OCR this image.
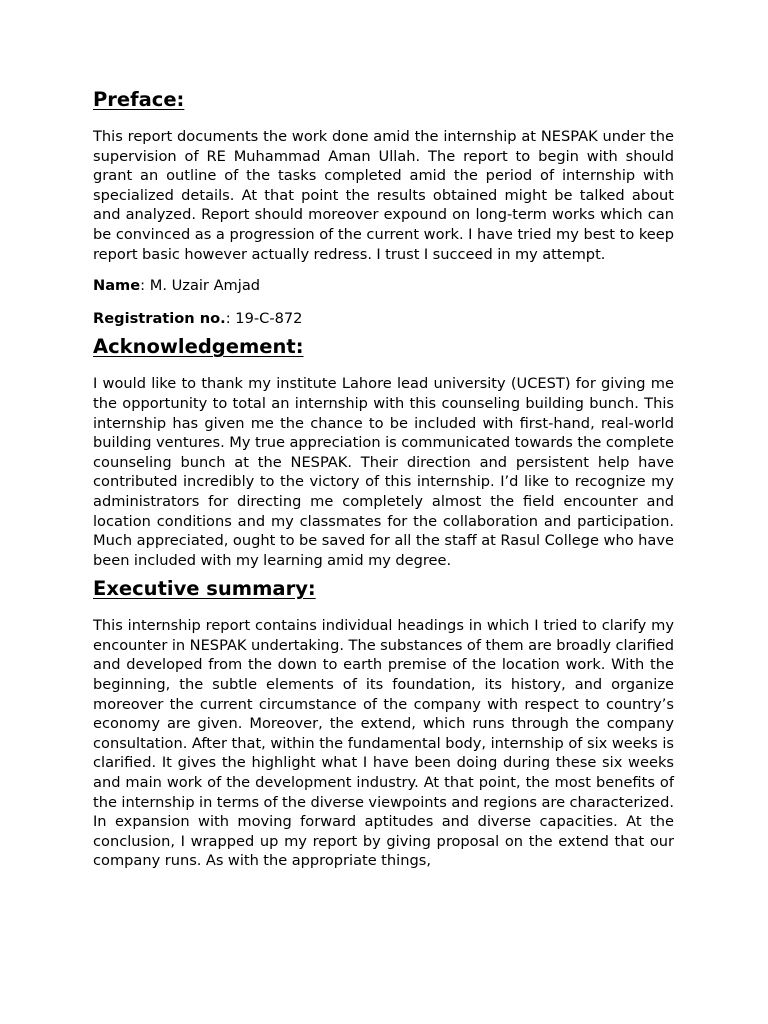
Preface:

This report documents the work done amid the internship at NESPAK under the supervision of RE Muhammad Aman Ullah. The report to begin with should grant an outline of the tasks completed amid the period of internship with specialized details. At that point the results obtained might be talked about and analyzed. Report should moreover expound on long-term works which can be convinced as a progression of the current work. I have tried my best to keep report basic however actually redress. I trust I succeed in my attempt.

Name: M. Uzair Amjad
Registration no.: 19-C-872
Acknowledgement:

I would like to thank my institute Lahore lead university (UCEST) for giving me the opportunity to total an internship with this counseling building bunch. This internship has given me the chance to be included with first-hand, real-world building ventures. My true appreciation is communicated towards the complete counseling bunch at the NESPAK. Their direction and persistent help have contributed incredibly to the victory of this internship. I’d like to recognize my administrators for directing me completely almost the field encounter and location conditions and my classmates for the collaboration and participation. Much appreciated, ought to be saved for all the staff at Rasul College who have been included with my learning amid my degree.

Executive summary:

This internship report contains individual headings in which I tried to clarify my encounter in NESPAK undertaking. The substances of them are broadly clarified and developed from the down to earth premise of the location work. With the beginning, the subtle elements of its foundation, its history, and organize moreover the current circumstance of the company with respect to country’s economy are given. Moreover, the extend, which runs through the company consultation. After that, within the fundamental body, internship of six weeks is clarified. It gives the highlight what I have been doing during these six weeks and main work of the development industry. At that point, the most benefits of the internship in terms of the diverse viewpoints and regions are characterized. In expansion with moving forward aptitudes and diverse capacities. At the conclusion, I wrapped up my report by giving proposal on the extend that our company runs. As with the appropriate things,
